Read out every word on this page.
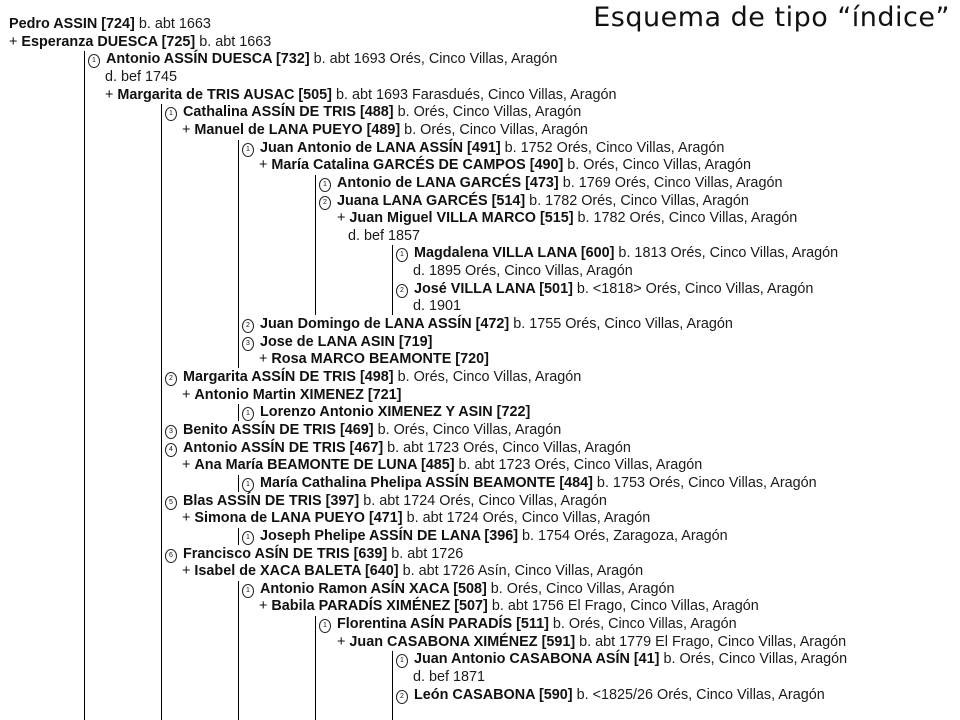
Esquema de tipo “índice”
Pedro ASSIN [724] b. abt 1663
+ Esperanza DUESCA [725] b. abt 1663
1 Antonio ASSÍN DUESCA [732] b. abt 1693 Orés, Cinco Villas, Aragón
d. bef 1745
+ Margarita de TRIS AUSAC [505] b. abt 1693 Farasdués, Cinco Villas, Aragón
1 Cathalina ASSÍN DE TRIS [488] b. Orés, Cinco Villas, Aragón
+ Manuel de LANA PUEYO [489] b. Orés, Cinco Villas, Aragón
1 Juan Antonio de LANA ASSÍN [491] b. 1752 Orés, Cinco Villas, Aragón
+ María Catalina GARCÉS DE CAMPOS [490] b. Orés, Cinco Villas, Aragón
1 Antonio de LANA GARCÉS [473] b. 1769 Orés, Cinco Villas, Aragón
2 Juana LANA GARCÉS [514] b. 1782 Orés, Cinco Villas, Aragón
+ Juan Miguel VILLA MARCO [515] b. 1782 Orés, Cinco Villas, Aragón
d. bef 1857
1 Magdalena VILLA LANA [600] b. 1813 Orés, Cinco Villas, Aragón
d. 1895 Orés, Cinco Villas, Aragón
2 José VILLA LANA [501] b. <1818> Orés, Cinco Villas, Aragón
d. 1901
2 Juan Domingo de LANA ASSÍN [472] b. 1755 Orés, Cinco Villas, Aragón
3 Jose de LANA ASIN [719]
+ Rosa MARCO BEAMONTE [720]
2 Margarita ASSÍN DE TRIS [498] b. Orés, Cinco Villas, Aragón
+ Antonio Martin XIMENEZ [721]
1 Lorenzo Antonio XIMENEZ Y ASIN [722]
3 Benito ASSÍN DE TRIS [469] b. Orés, Cinco Villas, Aragón
4 Antonio ASSÍN DE TRIS [467] b. abt 1723 Orés, Cinco Villas, Aragón
+ Ana María BEAMONTE DE LUNA [485] b. abt 1723 Orés, Cinco Villas, Aragón
1 María Cathalina Phelipa ASSÍN BEAMONTE [484] b. 1753 Orés, Cinco Villas, Aragón
5 Blas ASSÍN DE TRIS [397] b. abt 1724 Orés, Cinco Villas, Aragón
+ Simona de LANA PUEYO [471] b. abt 1724 Orés, Cinco Villas, Aragón
1 Joseph Phelipe ASSÍN DE LANA [396] b. 1754 Orés, Zaragoza, Aragón
6 Francisco ASÍN DE TRIS [639] b. abt 1726
+ Isabel de XACA BALETA [640] b. abt 1726 Asín, Cinco Villas, Aragón
1 Antonio Ramon ASÍN XACA [508] b. Orés, Cinco Villas, Aragón
+ Babila PARADÍS XIMÉNEZ [507] b. abt 1756 El Frago, Cinco Villas, Aragón
1 Florentina ASÍN PARADÍS [511] b. Orés, Cinco Villas, Aragón
+ Juan CASABONA XIMÉNEZ [591] b. abt 1779 El Frago, Cinco Villas, Aragón
1 Juan Antonio CASABONA ASÍN [41] b. Orés, Cinco Villas, Aragón
d. bef 1871
2 León CASABONA [590] b. <1825/26 Orés, Cinco Villas, Aragón
